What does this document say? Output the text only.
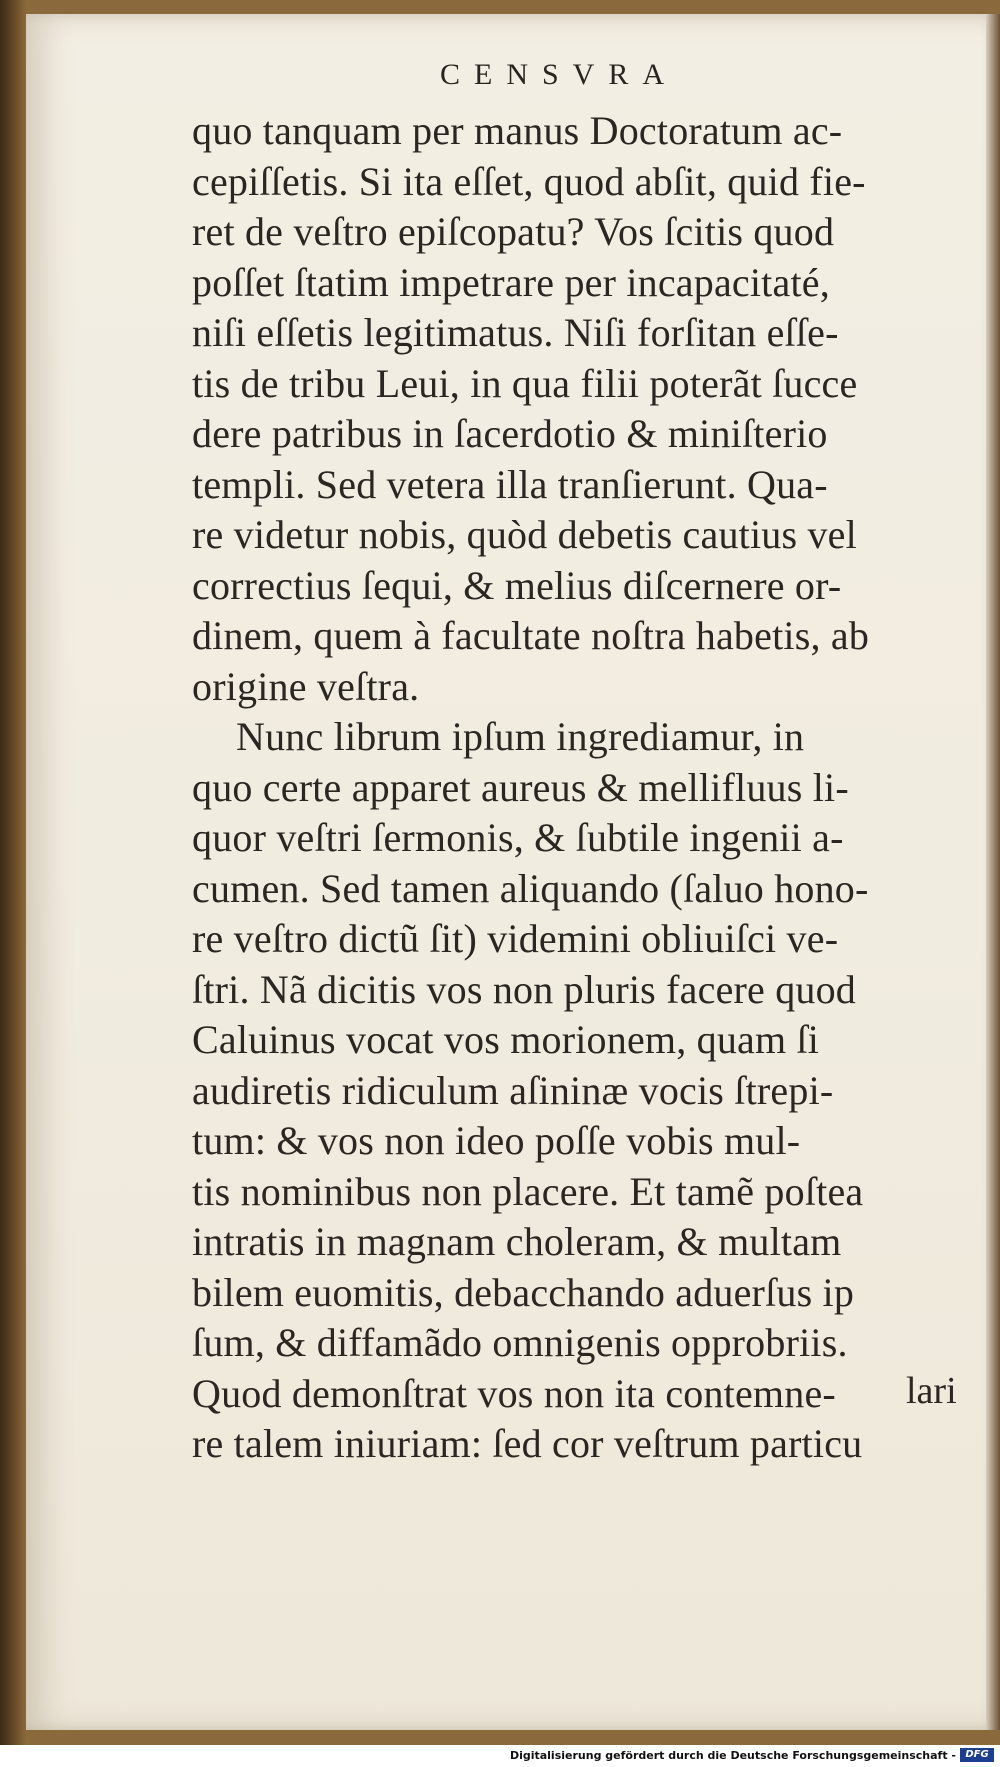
CENSVRA
quo tanquam per manus Doctoratum ac-
cepiſſetis. Si ita eſſet, quod abſit, quid fie-
ret de veſtro epiſcopatu? Vos ſcitis quod
poſſet ſtatim impetrare per incapacitaté,
niſi eſſetis legitimatus. Niſi forſitan eſſe-
tis de tribu Leui, in qua filii poterãt ſucce
dere patribus in ſacerdotio & miniſterio
templi. Sed vetera illa tranſierunt. Qua-
re videtur nobis, quòd debetis cautius vel
correctius ſequi, & melius diſcernere or-
dinem, quem à facultate noſtra habetis, ab
origine veſtra.
Nunc librum ipſum ingrediamur, in
quo certe apparet aureus & mellifluus li-
quor veſtri ſermonis, & ſubtile ingenii a-
cumen. Sed tamen aliquando (ſaluo hono-
re veſtro dictũ ſit) videmini obliuiſci ve-
ſtri. Nã dicitis vos non pluris facere quod
Caluinus vocat vos morionem, quam ſi
audiretis ridiculum aſininæ vocis ſtrepi-
tum: & vos non ideo poſſe vobis mul-
tis nominibus non placere. Et tamẽ poſtea
intratis in magnam choleram, & multam
bilem euomitis, debacchando aduerſus ip
ſum, & diffamãdo omnigenis opprobriis.
Quod demonſtrat vos non ita contemne-
re talem iniuriam: ſed cor veſtrum particu
lari
Digitalisierung gefördert durch die Deutsche Forschungsgemeinschaft - DFG
